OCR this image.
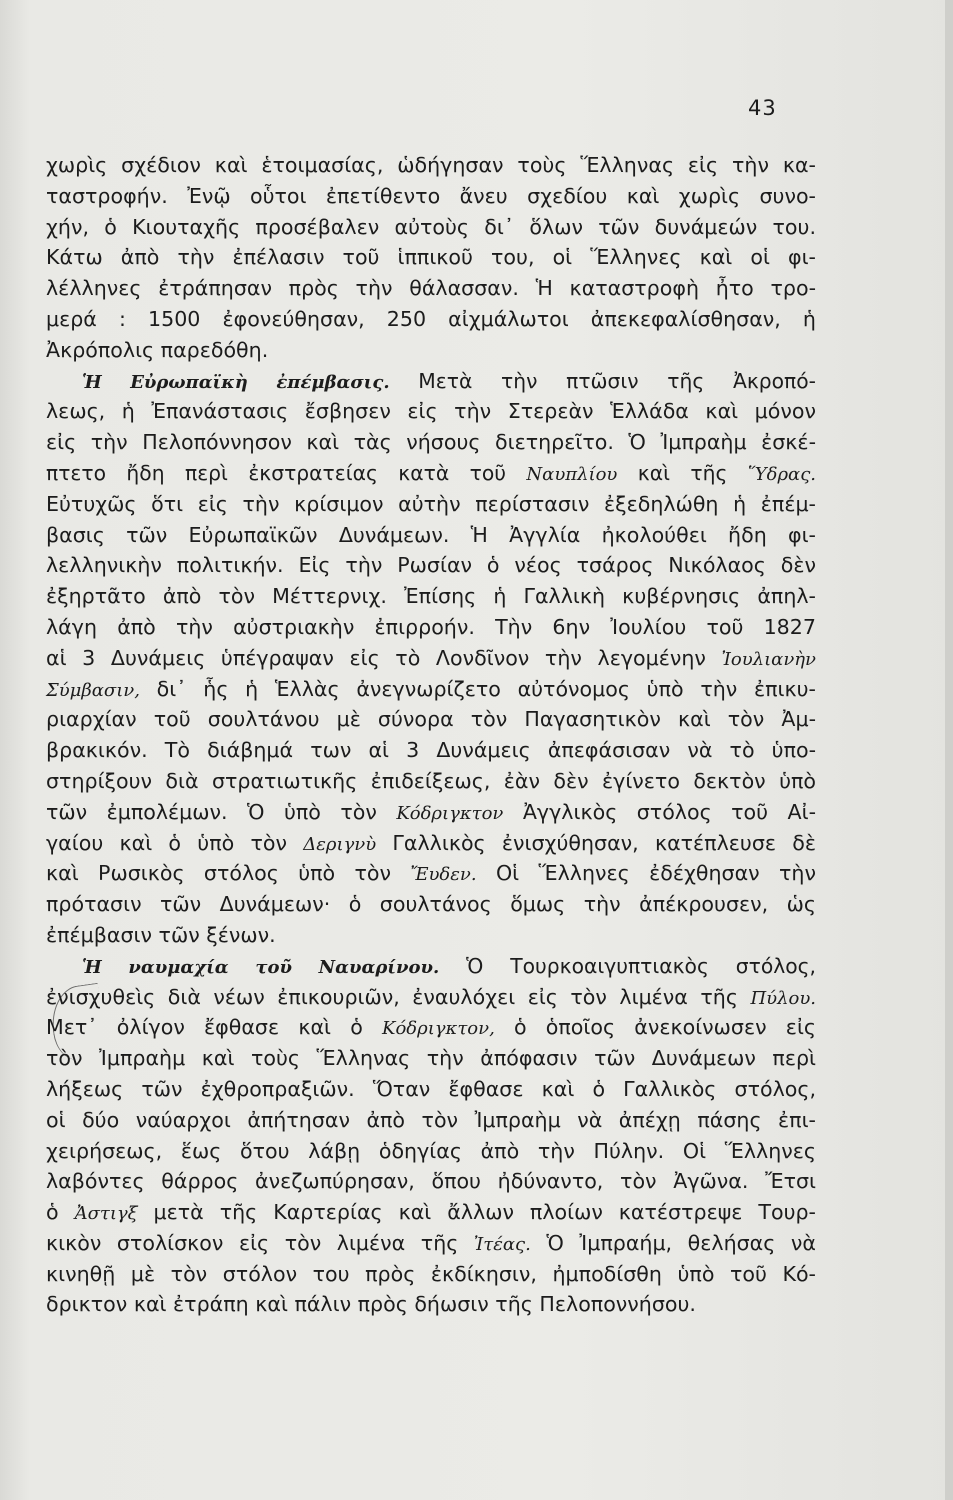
43
χωρὶς σχέδιον καὶ ἑτοιμασίας, ὡδήγησαν τοὺς Ἕλληνας εἰς τὴν κα-
ταστροφήν. Ἐνῷ οὗτοι ἐπετίθεντο ἄνευ σχεδίου καὶ χωρὶς συνο-
χήν, ὁ Κιουταχῆς προσέβαλεν αὐτοὺς δι᾽ ὅλων τῶν δυνάμεών του.
Κάτω ἀπὸ τὴν ἐπέλασιν τοῦ ἱππικοῦ του, οἱ Ἕλληνες καὶ οἱ φι-
λέλληνες ἐτράπησαν πρὸς τὴν θάλασσαν. Ἡ καταστροφὴ ἦτο τρο-
μερά : 1500 ἐφονεύθησαν, 250 αἰχμάλωτοι ἀπεκεφαλίσθησαν, ἡ
Ἀκρόπολις παρεδόθη.
Ἡ Εὐρωπαϊκὴ ἐπέμβασις. Μετὰ τὴν πτῶσιν τῆς Ἀκροπό-
λεως, ἡ Ἐπανάστασις ἔσβησεν εἰς τὴν Στερεὰν Ἑλλάδα καὶ μόνον
εἰς τὴν Πελοπόννησον καὶ τὰς νήσους διετηρεῖτο. Ὁ Ἰμπραὴμ ἐσκέ-
πτετο ἤδη περὶ ἐκστρατείας κατὰ τοῦ Ναυπλίου καὶ τῆς Ὕδρας.
Εὐτυχῶς ὅτι εἰς τὴν κρίσιμον αὐτὴν περίστασιν ἐξεδηλώθη ἡ ἐπέμ-
βασις τῶν Εὐρωπαϊκῶν Δυνάμεων. Ἡ Ἀγγλία ἠκολούθει ἤδη φι-
λελληνικὴν πολιτικήν. Εἰς τὴν Ρωσίαν ὁ νέος τσάρος Νικόλαος δὲν
ἐξηρτᾶτο ἀπὸ τὸν Μέττερνιχ. Ἐπίσης ἡ Γαλλικὴ κυβέρνησις ἀπηλ-
λάγη ἀπὸ τὴν αὐστριακὴν ἐπιρροήν. Τὴν 6ην Ἰουλίου τοῦ 1827
αἱ 3 Δυνάμεις ὑπέγραψαν εἰς τὸ Λονδῖνον τὴν λεγομένην Ἰουλιανὴν
Σύμβασιν, δι᾽ ἧς ἡ Ἑλλὰς ἀνεγνωρίζετο αὐτόνομος ὑπὸ τὴν ἐπικυ-
ριαρχίαν τοῦ σουλτάνου μὲ σύνορα τὸν Παγασητικὸν καὶ τὸν Ἀμ-
βρακικόν. Τὸ διάβημά των αἱ 3 Δυνάμεις ἀπεφάσισαν νὰ τὸ ὑπο-
στηρίξουν διὰ στρατιωτικῆς ἐπιδείξεως, ἐὰν δὲν ἐγίνετο δεκτὸν ὑπὸ
τῶν ἐμπολέμων. Ὁ ὑπὸ τὸν Κόδριγκτον Ἀγγλικὸς στόλος τοῦ Αἰ-
γαίου καὶ ὁ ὑπὸ τὸν Δεριγνὺ Γαλλικὸς ἐνισχύθησαν, κατέπλευσε δὲ
καὶ Ρωσικὸς στόλος ὑπὸ τὸν Ἔυδεν. Οἱ Ἕλληνες ἐδέχθησαν τὴν
πρότασιν τῶν Δυνάμεων· ὁ σουλτάνος ὅμως τὴν ἀπέκρουσεν, ὡς
ἐπέμβασιν τῶν ξένων.
Ἡ ναυμαχία τοῦ Ναυαρίνου. Ὁ Τουρκοαιγυπτιακὸς στόλος,
ἐνισχυθεὶς διὰ νέων ἐπικουριῶν, ἐναυλόχει εἰς τὸν λιμένα τῆς Πύλου.
Μετ᾽ ὀλίγον ἔφθασε καὶ ὁ Κόδριγκτον, ὁ ὁποῖος ἀνεκοίνωσεν εἰς
τὸν Ἰμπραὴμ καὶ τοὺς Ἕλληνας τὴν ἀπόφασιν τῶν Δυνάμεων περὶ
λήξεως τῶν ἐχθροπραξιῶν. Ὅταν ἔφθασε καὶ ὁ Γαλλικὸς στόλος,
οἱ δύο ναύαρχοι ἀπήτησαν ἀπὸ τὸν Ἰμπραὴμ νὰ ἀπέχῃ πάσης ἐπι-
χειρήσεως, ἕως ὅτου λάβῃ ὁδηγίας ἀπὸ τὴν Πύλην. Οἱ Ἕλληνες
λαβόντες θάρρος ἀνεζωπύρησαν, ὅπου ἠδύναντο, τὸν Ἀγῶνα. Ἔτσι
ὁ Ἀστιγξ μετὰ τῆς Καρτερίας καὶ ἄλλων πλοίων κατέστρεψε Τουρ-
κικὸν στολίσκον εἰς τὸν λιμένα τῆς Ἰτέας. Ὁ Ἰμπραήμ, θελήσας νὰ
κινηθῇ μὲ τὸν στόλον του πρὸς ἐκδίκησιν, ἠμποδίσθη ὑπὸ τοῦ Κό-
δρικτον καὶ ἐτράπη καὶ πάλιν πρὸς δήωσιν τῆς Πελοποννήσου.
